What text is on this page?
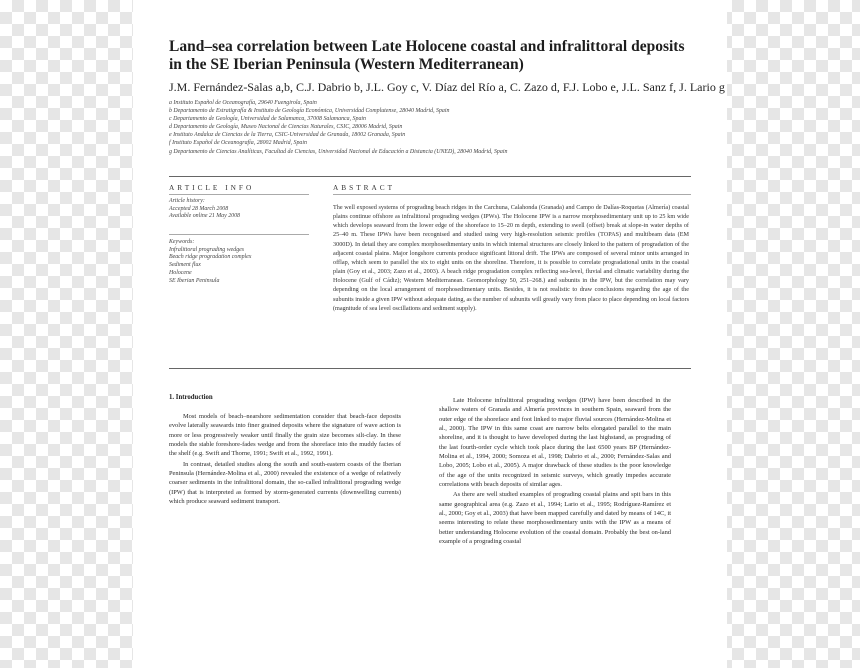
Land–sea correlation between Late Holocene coastal and infralittoral deposits in the SE Iberian Peninsula (Western Mediterranean)
J.M. Fernández-Salas a,b, C.J. Dabrio b, J.L. Goy c, V. Díaz del Río a, C. Zazo d, F.J. Lobo e, J.L. Sanz f, J. Lario g
a Instituto Español de Oceanografía, 29640 Fuengirola, Spain
b Departamento de Estratigrafía & Instituto de Geología Económica, Universidad Complutense, 28040 Madrid, Spain
c Departamento de Geología, Universidad de Salamanca, 37008 Salamanca, Spain
d Departamento de Geología, Museo Nacional de Ciencias Naturales, CSIC, 28006 Madrid, Spain
e Instituto Andaluz de Ciencias de la Tierra, CSIC-Universidad de Granada, 18002 Granada, Spain
f Instituto Español de Oceanografía, 28002 Madrid, Spain
g Departamento de Ciencias Analíticas, Facultad de Ciencias, Universidad Nacional de Educación a Distancia (UNED), 28040 Madrid, Spain
ARTICLE INFO	ABSTRACT
Article history:
Accepted 28 March 2008
Available online 21 May 2008
Keywords:
Infralittoral prograding wedges
Beach ridge progradation complex
Sediment flux
Holocene
SE Iberian Peninsula
The well exposed systems of prograding beach ridges in the Carchuna, Calahonda (Granada) and Campo de Dalías-Roquetas (Almería) coastal plains continue offshore as infralittoral prograding wedges (IPWs). The Holocene IPW is a narrow morphosedimentary unit up to 25 km wide which develops seaward from the lower edge of the shoreface to 15–20 m depth, extending to swell (offset) break at slope-in water depths of 25–40 m. These IPWs have been recognised and studied using very high-resolution seismic profiles (TOPAS) and multibeam data (EM 3000D). In detail they are complex morphosedimentary units in which internal structures are closely linked to the pattern of progradation of the adjacent coastal plains. Major longshore currents produce significant littoral drift. The IPWs are composed of several minor units arranged in offlap, which seem to parallel the six to eight units on the shoreline. Therefore, it is possible to correlate progradational units in the coastal plain (Goy et al., 2003; Zazo et al., 2003). A beach ridge progradation complex reflecting sea-level, fluvial and climatic variability during the Holocene (Gulf of Cádiz); Western Mediterranean. Geomorphology 50, 251–268.) and subunits in the IPW, but the correlation may vary depending on the local arrangement of morphosedimentary units. Besides, it is not realistic to draw conclusions regarding the age of the subunits inside a given IPW without adequate dating, as the number of subunits will greatly vary from place to place depending on local factors (magnitude of sea level oscillations and sediment supply).
1. Introduction

Most models of beach–nearshore sedimentation consider that beach-face deposits evolve laterally seawards into finer grained deposits where the signature of wave action is more or less progressively weaker until finally the grain size becomes silt-clay. In these models the stable foreshore-fades wedge and from the shoreface into the muddy facies of the shelf (e.g. Swift and Thorne, 1991; Swift et al., 1992, 1991).

In contrast, detailed studies along the south and south-eastern coasts of the Iberian Peninsula (Hernández-Molina et al., 2000) revealed the existence of a wedge of relatively coarser sediments in the infralittoral domain, the so-called infralittoral prograding wedge (IPW) that is interpreted as formed by storm-generated currents (downwelling currents) which produce seaward sediment transport.

Late Holocene infralittoral prograding wedges (IPW) have been described in the shallow waters of Granada and Almería provinces in southern Spain, seaward from the outer edge of the shoreface and foot linked to major fluvial sources (Hernández-Molina et al., 2000). The IPW in this same coast are narrow belts elongated parallel to the main shoreline, and it is thought to have developed during the last highstand, as prograding of the last fourth-order cycle which took place during the last 6500 years BP (Hernández-Molina et al., 1994, 2000; Somoza et al., 1998; Dabrio et al., 2000; Fernández-Salas and Lobo, 2005; Lobo et al., 2005). A major drawback of these studies is the poor knowledge of the age of the units recognized in seismic surveys, which greatly impedes accurate correlations with beach deposits of similar ages.

As there are well studied examples of prograding coastal plains and spit bars in this same geographical area (e.g. Zazo et al., 1994; Lario et al., 1995; Rodríguez-Ramírez et al., 2000; Goy et al., 2003) that have been mapped carefully and dated by means of 14C, it seems interesting to relate these morphosedimentary units with the IPW as a means of better understanding Holocene evolution of the coastal domain. Probably the best on-land example of a prograding coastal
